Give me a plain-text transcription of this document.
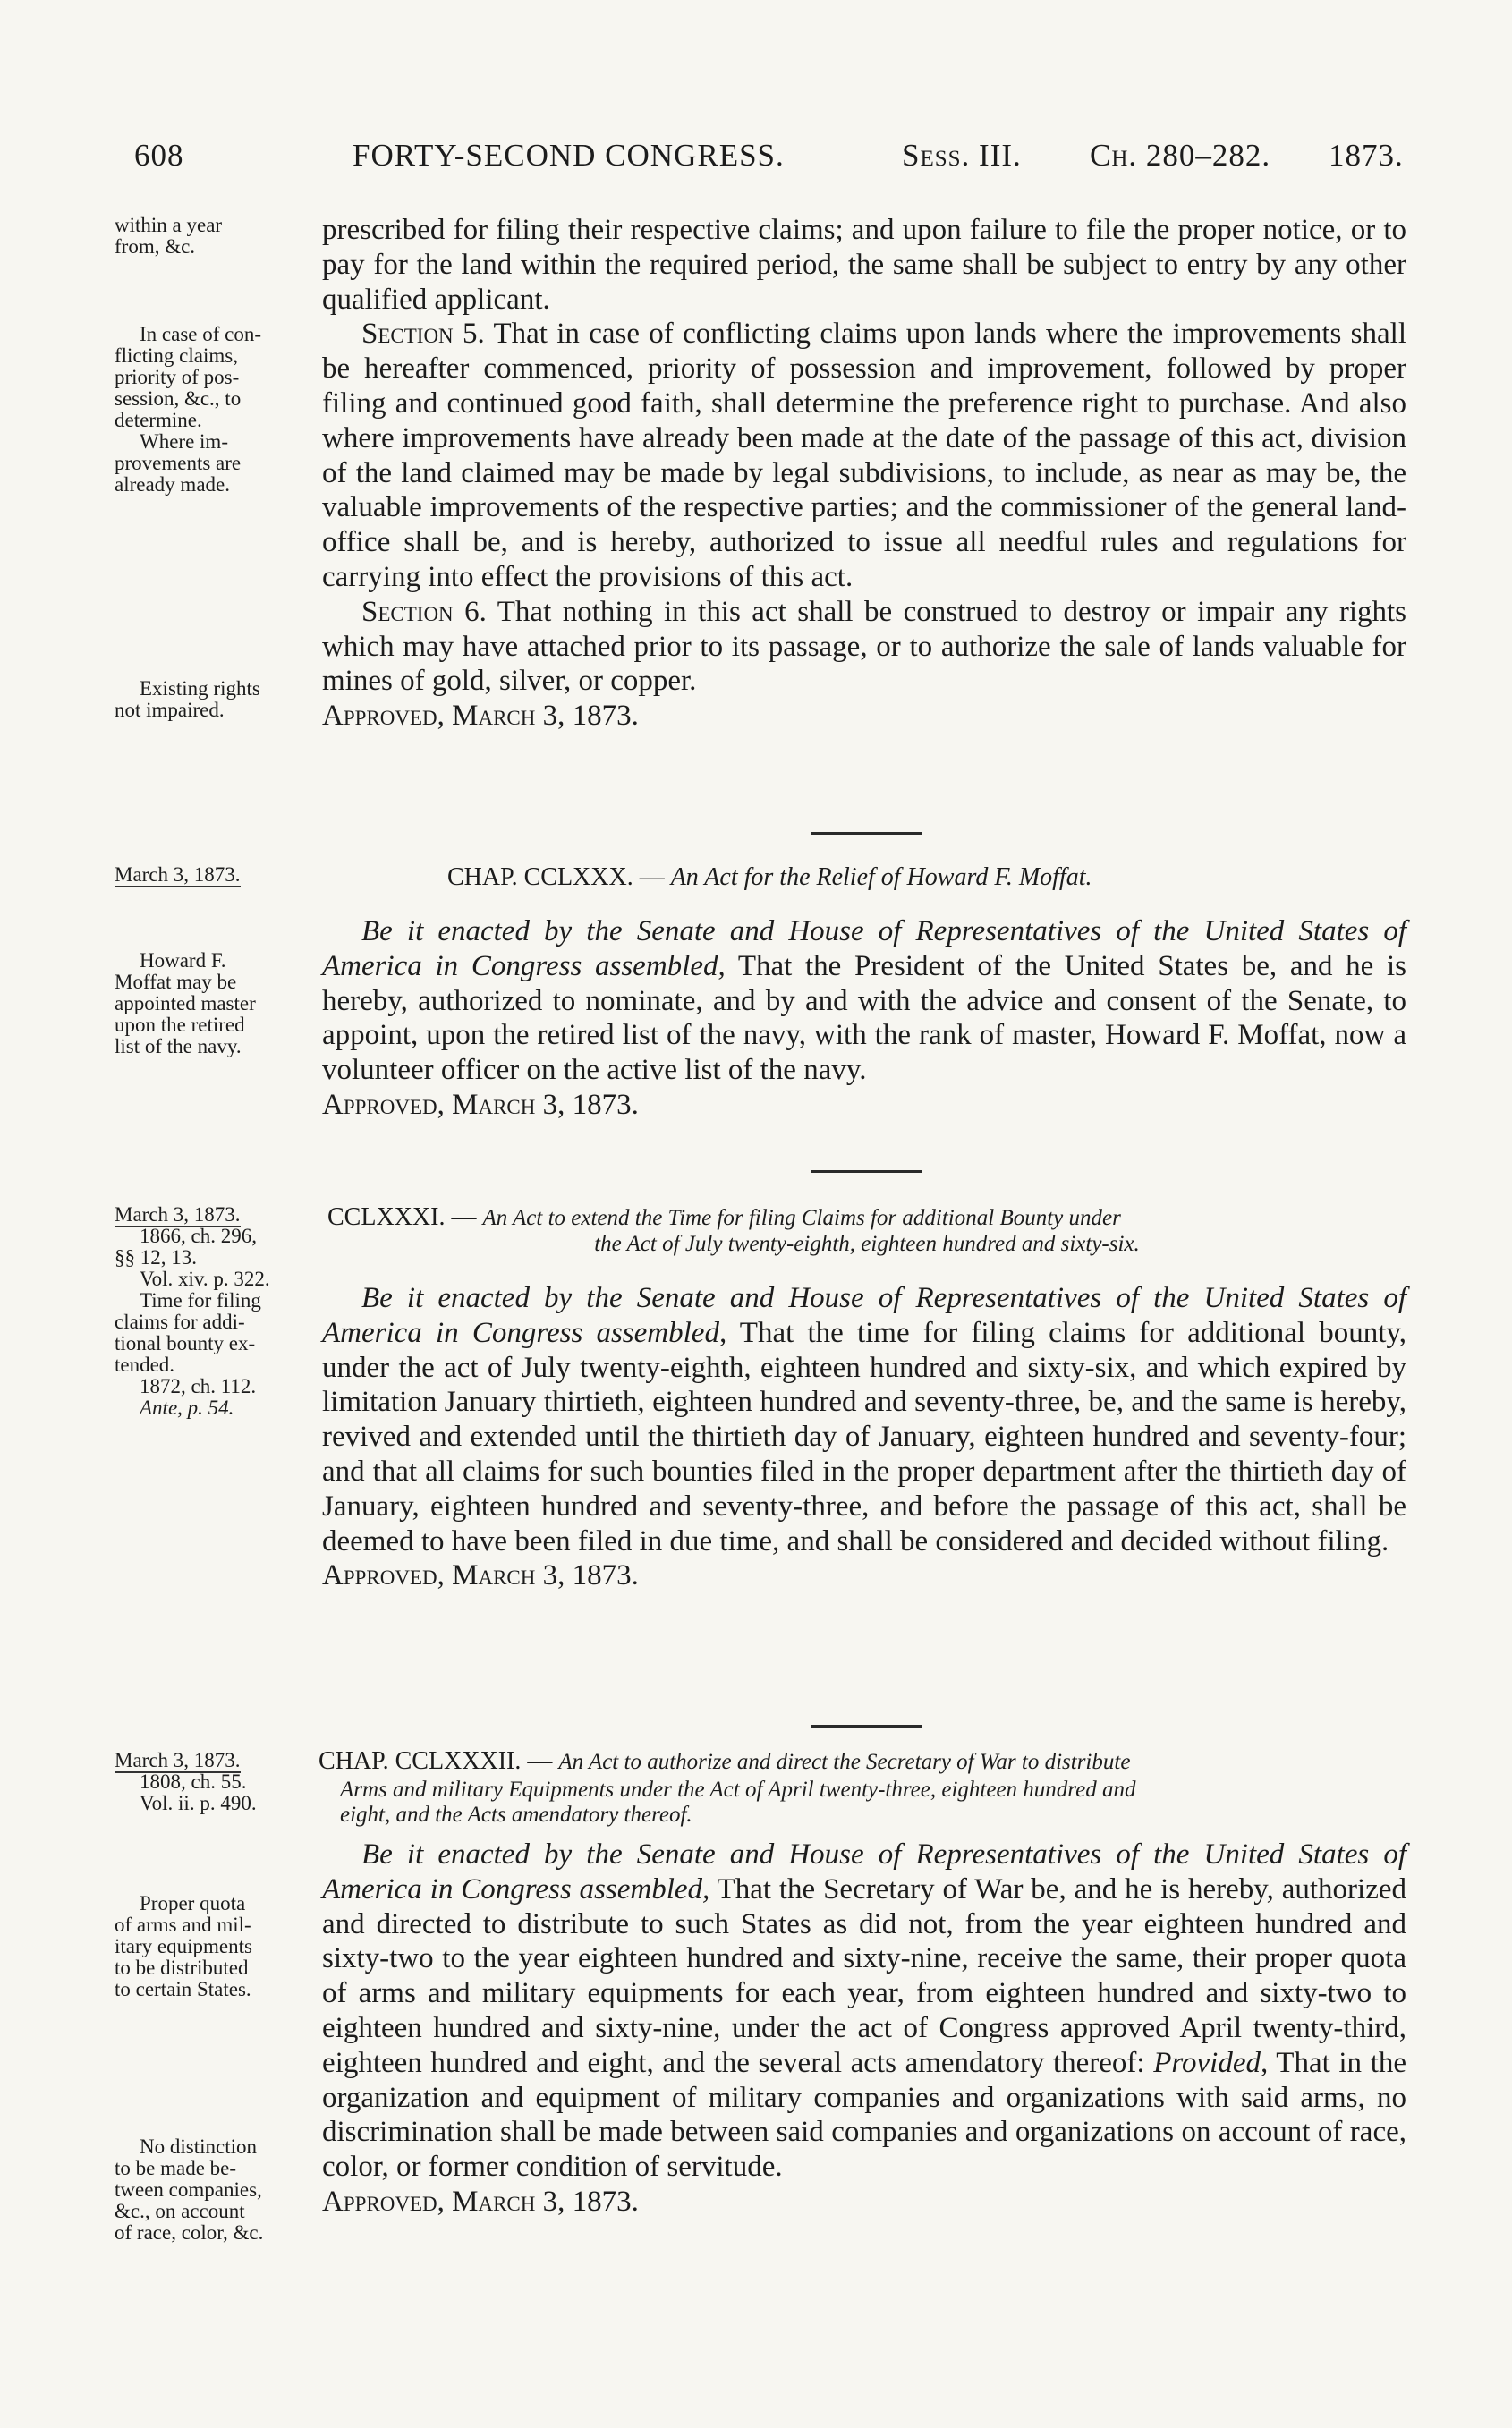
608	FORTY-SECOND CONGRESS.	Sess. III. Ch. 280–282. 1873.
within a year
from, &c.
In case of con-
flicting claims,
priority of pos-
session, &c., to
determine.
Where im-
provements are
already made.
Existing rights
not impaired.

prescribed for filing their respective claims; and upon failure to file the proper notice, or to pay for the land within the required period, the same shall be subject to entry by any other qualified applicant.

Section 5. That in case of conflicting claims upon lands where the improvements shall be hereafter commenced, priority of possession and improvement, followed by proper filing and continued good faith, shall determine the preference right to purchase. And also where improvements have already been made at the date of the passage of this act, division of the land claimed may be made by legal subdivisions, to include, as near as may be, the valuable improvements of the respective parties; and the commissioner of the general land-office shall be, and is hereby, authorized to issue all needful rules and regulations for carrying into effect the provisions of this act.

Section 6. That nothing in this act shall be construed to destroy or impair any rights which may have attached prior to its passage, or to authorize the sale of lands valuable for mines of gold, silver, or copper.

Approved, March 3, 1873.

March 3, 1873.	CHAP. CCLXXX. — An Act for the Relief of Howard F. Moffat.
Howard F.
Moffat may be
appointed master
upon the retired
list of the navy.

Be it enacted by the Senate and House of Representatives of the United States of America in Congress assembled, That the President of the United States be, and he is hereby, authorized to nominate, and by and with the advice and consent of the Senate, to appoint, upon the retired list of the navy, with the rank of master, Howard F. Moffat, now a volunteer officer on the active list of the navy.

Approved, March 3, 1873.

March 3, 1873.
1866, ch. 296,
§§ 12, 13.
Vol. xiv. p. 322.
Time for filing
claims for addi-
tional bounty ex-
tended.
1872, ch. 112.
Ante, p. 54.
CCLXXXI. — An Act to extend the Time for filing Claims for additional Bounty under
the Act of July twenty-eighth, eighteen hundred and sixty-six.

Be it enacted by the Senate and House of Representatives of the United States of America in Congress assembled, That the time for filing claims for additional bounty, under the act of July twenty-eighth, eighteen hundred and sixty-six, and which expired by limitation January thirtieth, eighteen hundred and seventy-three, be, and the same is hereby, revived and extended until the thirtieth day of January, eighteen hundred and seventy-four; and that all claims for such bounties filed in the proper department after the thirtieth day of January, eighteen hundred and seventy-three, and before the passage of this act, shall be deemed to have been filed in due time, and shall be considered and decided without filing.

Approved, March 3, 1873.

March 3, 1873.
1808, ch. 55.
Vol. ii. p. 490.
CHAP. CCLXXXII. — An Act to authorize and direct the Secretary of War to distribute
Arms and military Equipments under the Act of April twenty-three, eighteen hundred and
eight, and the Acts amendatory thereof.
Proper quota
of arms and mil-
itary equipments
to be distributed
to certain States.
No distinction
to be made be-
tween companies,
&c., on account
of race, color, &c.

Be it enacted by the Senate and House of Representatives of the United States of America in Congress assembled, That the Secretary of War be, and he is hereby, authorized and directed to distribute to such States as did not, from the year eighteen hundred and sixty-two to the year eighteen hundred and sixty-nine, receive the same, their proper quota of arms and military equipments for each year, from eighteen hundred and sixty-two to eighteen hundred and sixty-nine, under the act of Congress approved April twenty-third, eighteen hundred and eight, and the several acts amendatory thereof: Provided, That in the organization and equipment of military companies and organizations with said arms, no discrimination shall be made between said companies and organizations on account of race, color, or former condition of servitude.

Approved, March 3, 1873.
